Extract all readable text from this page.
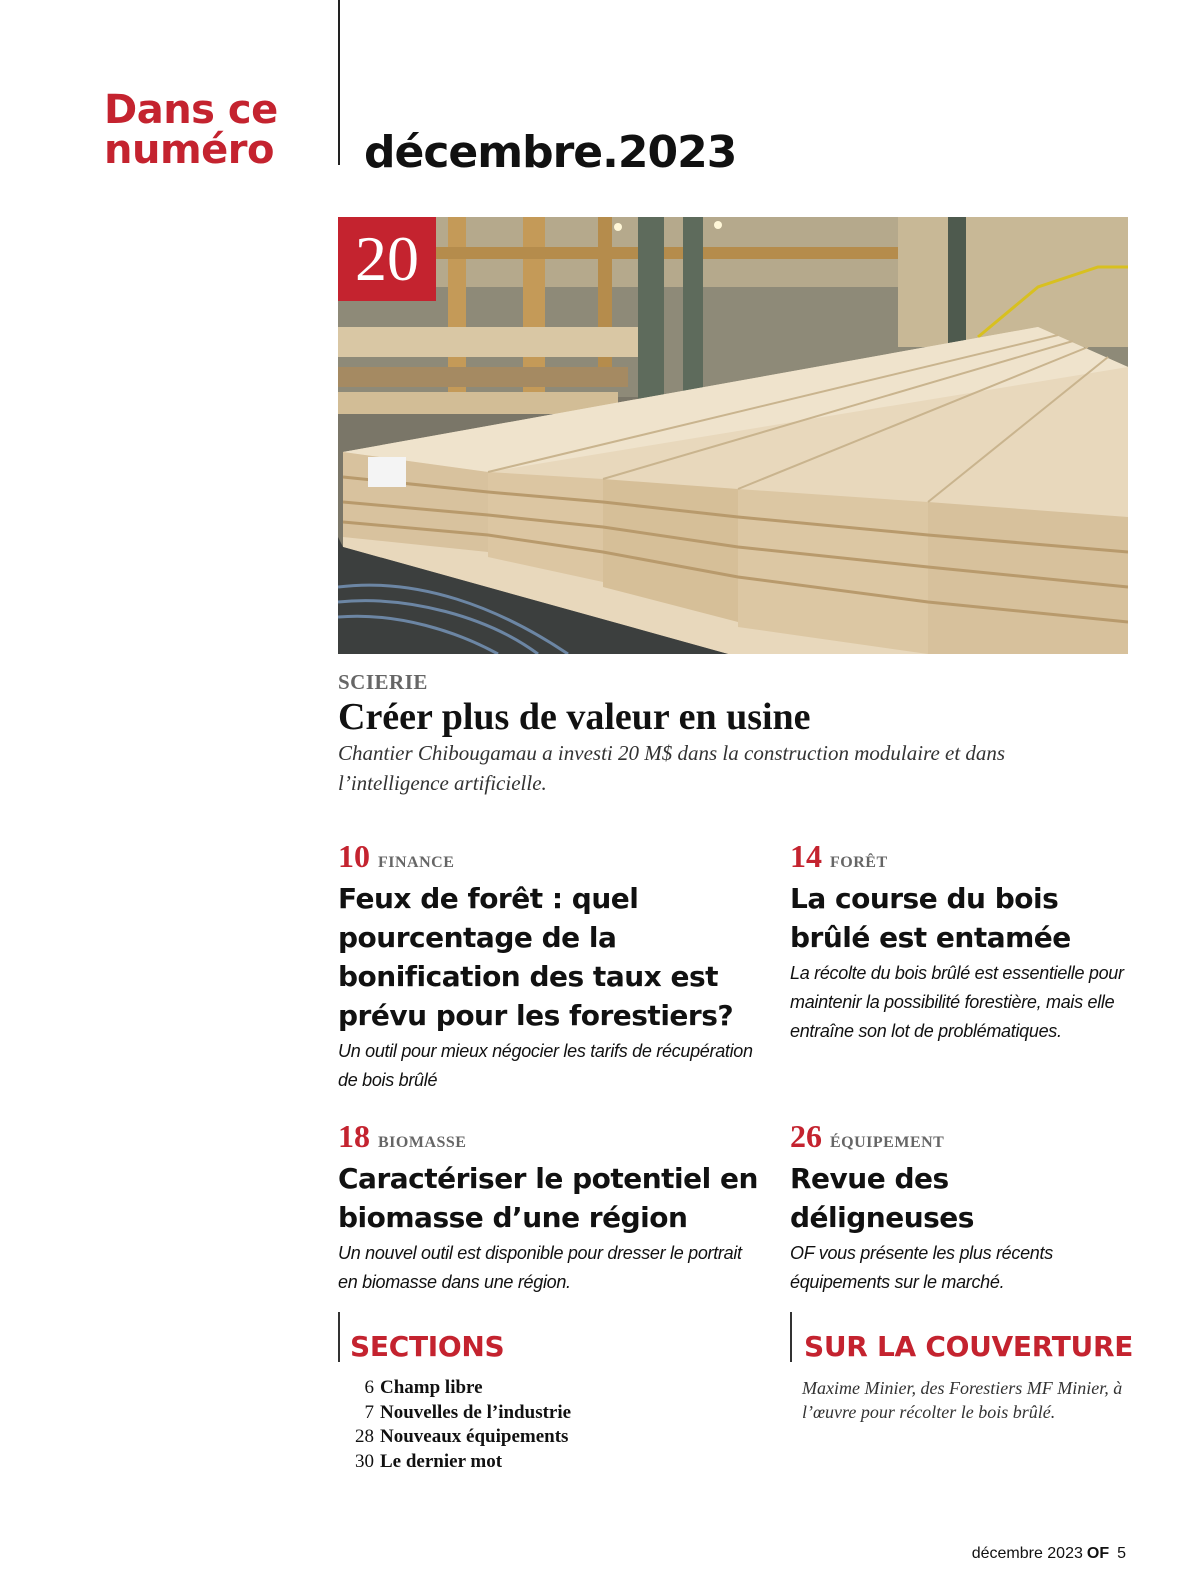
Dans ce
numéro décembre.2023
20
SCIERIE
Créer plus de valeur en usine
Chantier Chibougamau a investi 20 M$ dans la construction modulaire et dans l’intelligence artificielle.
10 FINANCE
Feux de forêt : quel pourcentage de la bonification des taux est prévu pour les forestiers?
Un outil pour mieux négocier les tarifs de récupération de bois brûlé
14 FORÊT
La course du bois brûlé est entamée
La récolte du bois brûlé est essentielle pour maintenir la possibilité forestière, mais elle entraîne son lot de problématiques.
18 BIOMASSE
Caractériser le potentiel en biomasse d’une région
Un nouvel outil est disponible pour dresser le portrait en biomasse dans une région.
26 ÉQUIPEMENT
Revue des déligneuses
OF vous présente les plus récents équipements sur le marché.
SECTIONS
6 Champ libre
7 Nouvelles de l’industrie
28 Nouveaux équipements
30 Le dernier mot
SUR LA COUVERTURE
Maxime Minier, des Forestiers MF Minier, à l’œuvre pour récolter le bois brûlé.
décembre 2023 OF 5
